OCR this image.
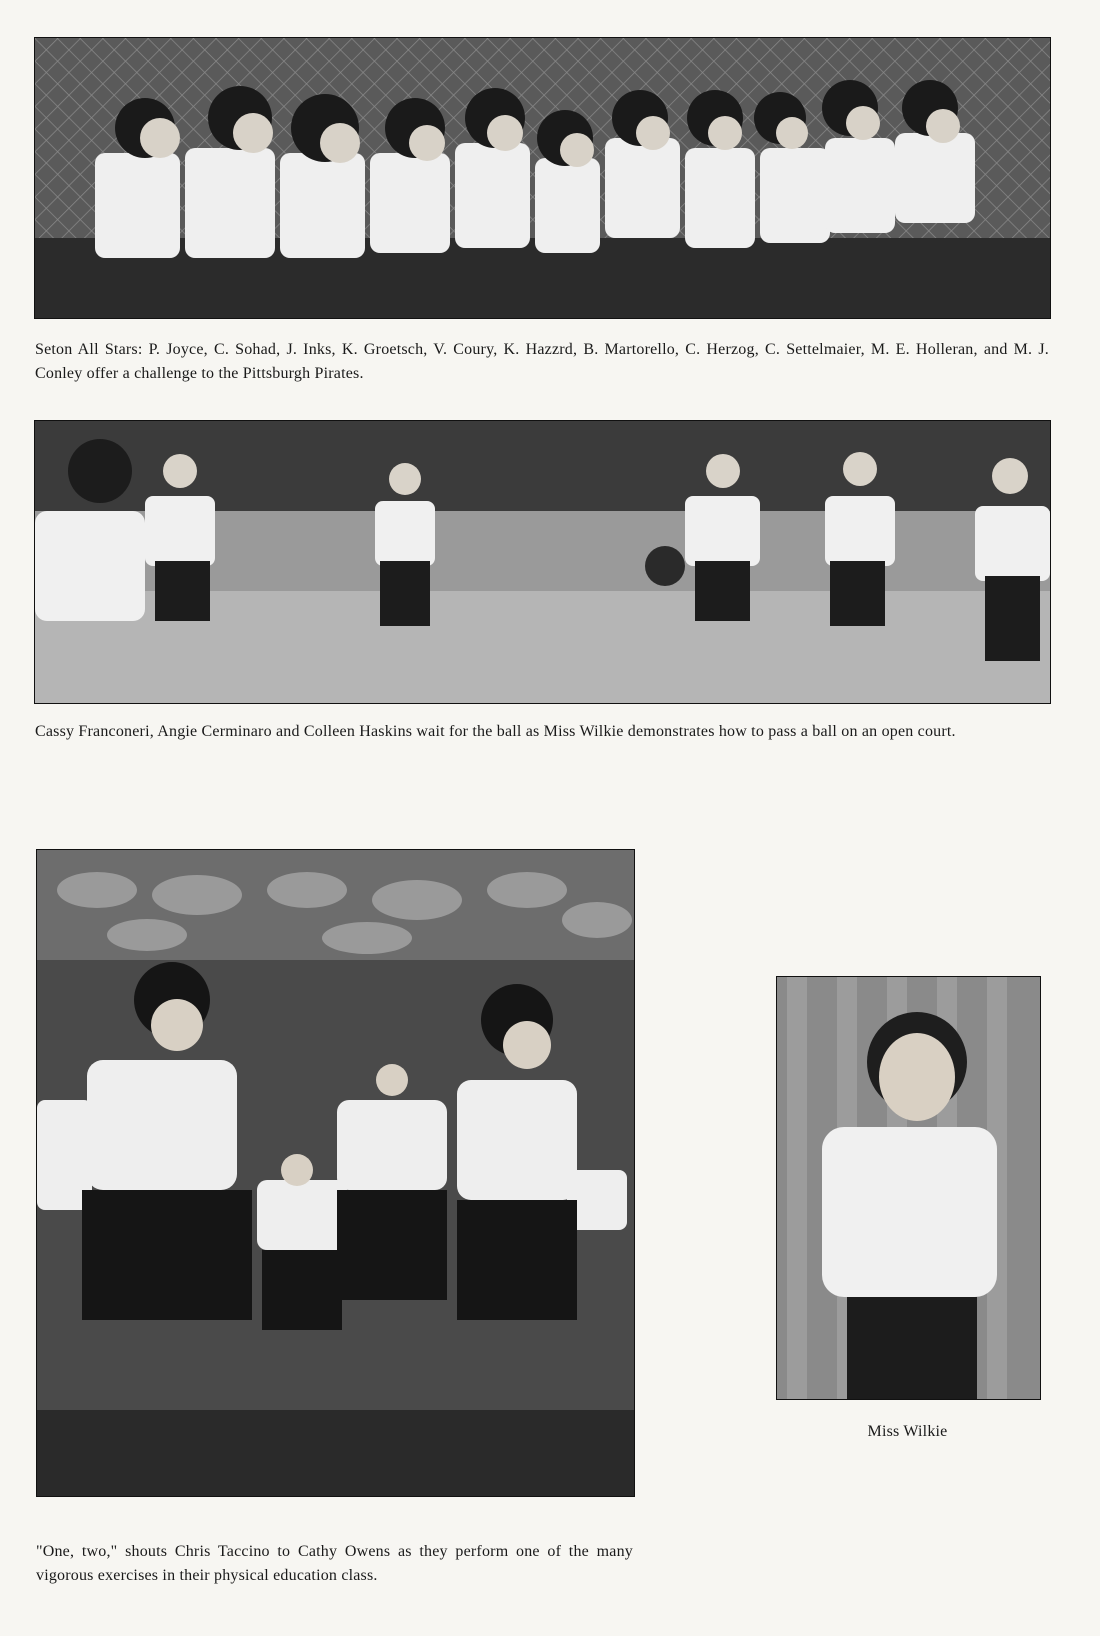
Seton All Stars: P. Joyce, C. Sohad, J. Inks, K. Groetsch, V. Coury, K. Hazzrd, B. Martorello, C. Herzog, C. Settelmaier, M. E. Holleran, and M. J. Conley offer a challenge to the Pittsburgh Pirates.
Cassy Franconeri, Angie Cerminaro and Colleen Haskins wait for the ball as Miss Wilkie demonstrates how to pass a ball on an open court.
"One, two," shouts Chris Taccino to Cathy Owens as they perform one of the many vigorous exercises in their physical education class.
Miss Wilkie
